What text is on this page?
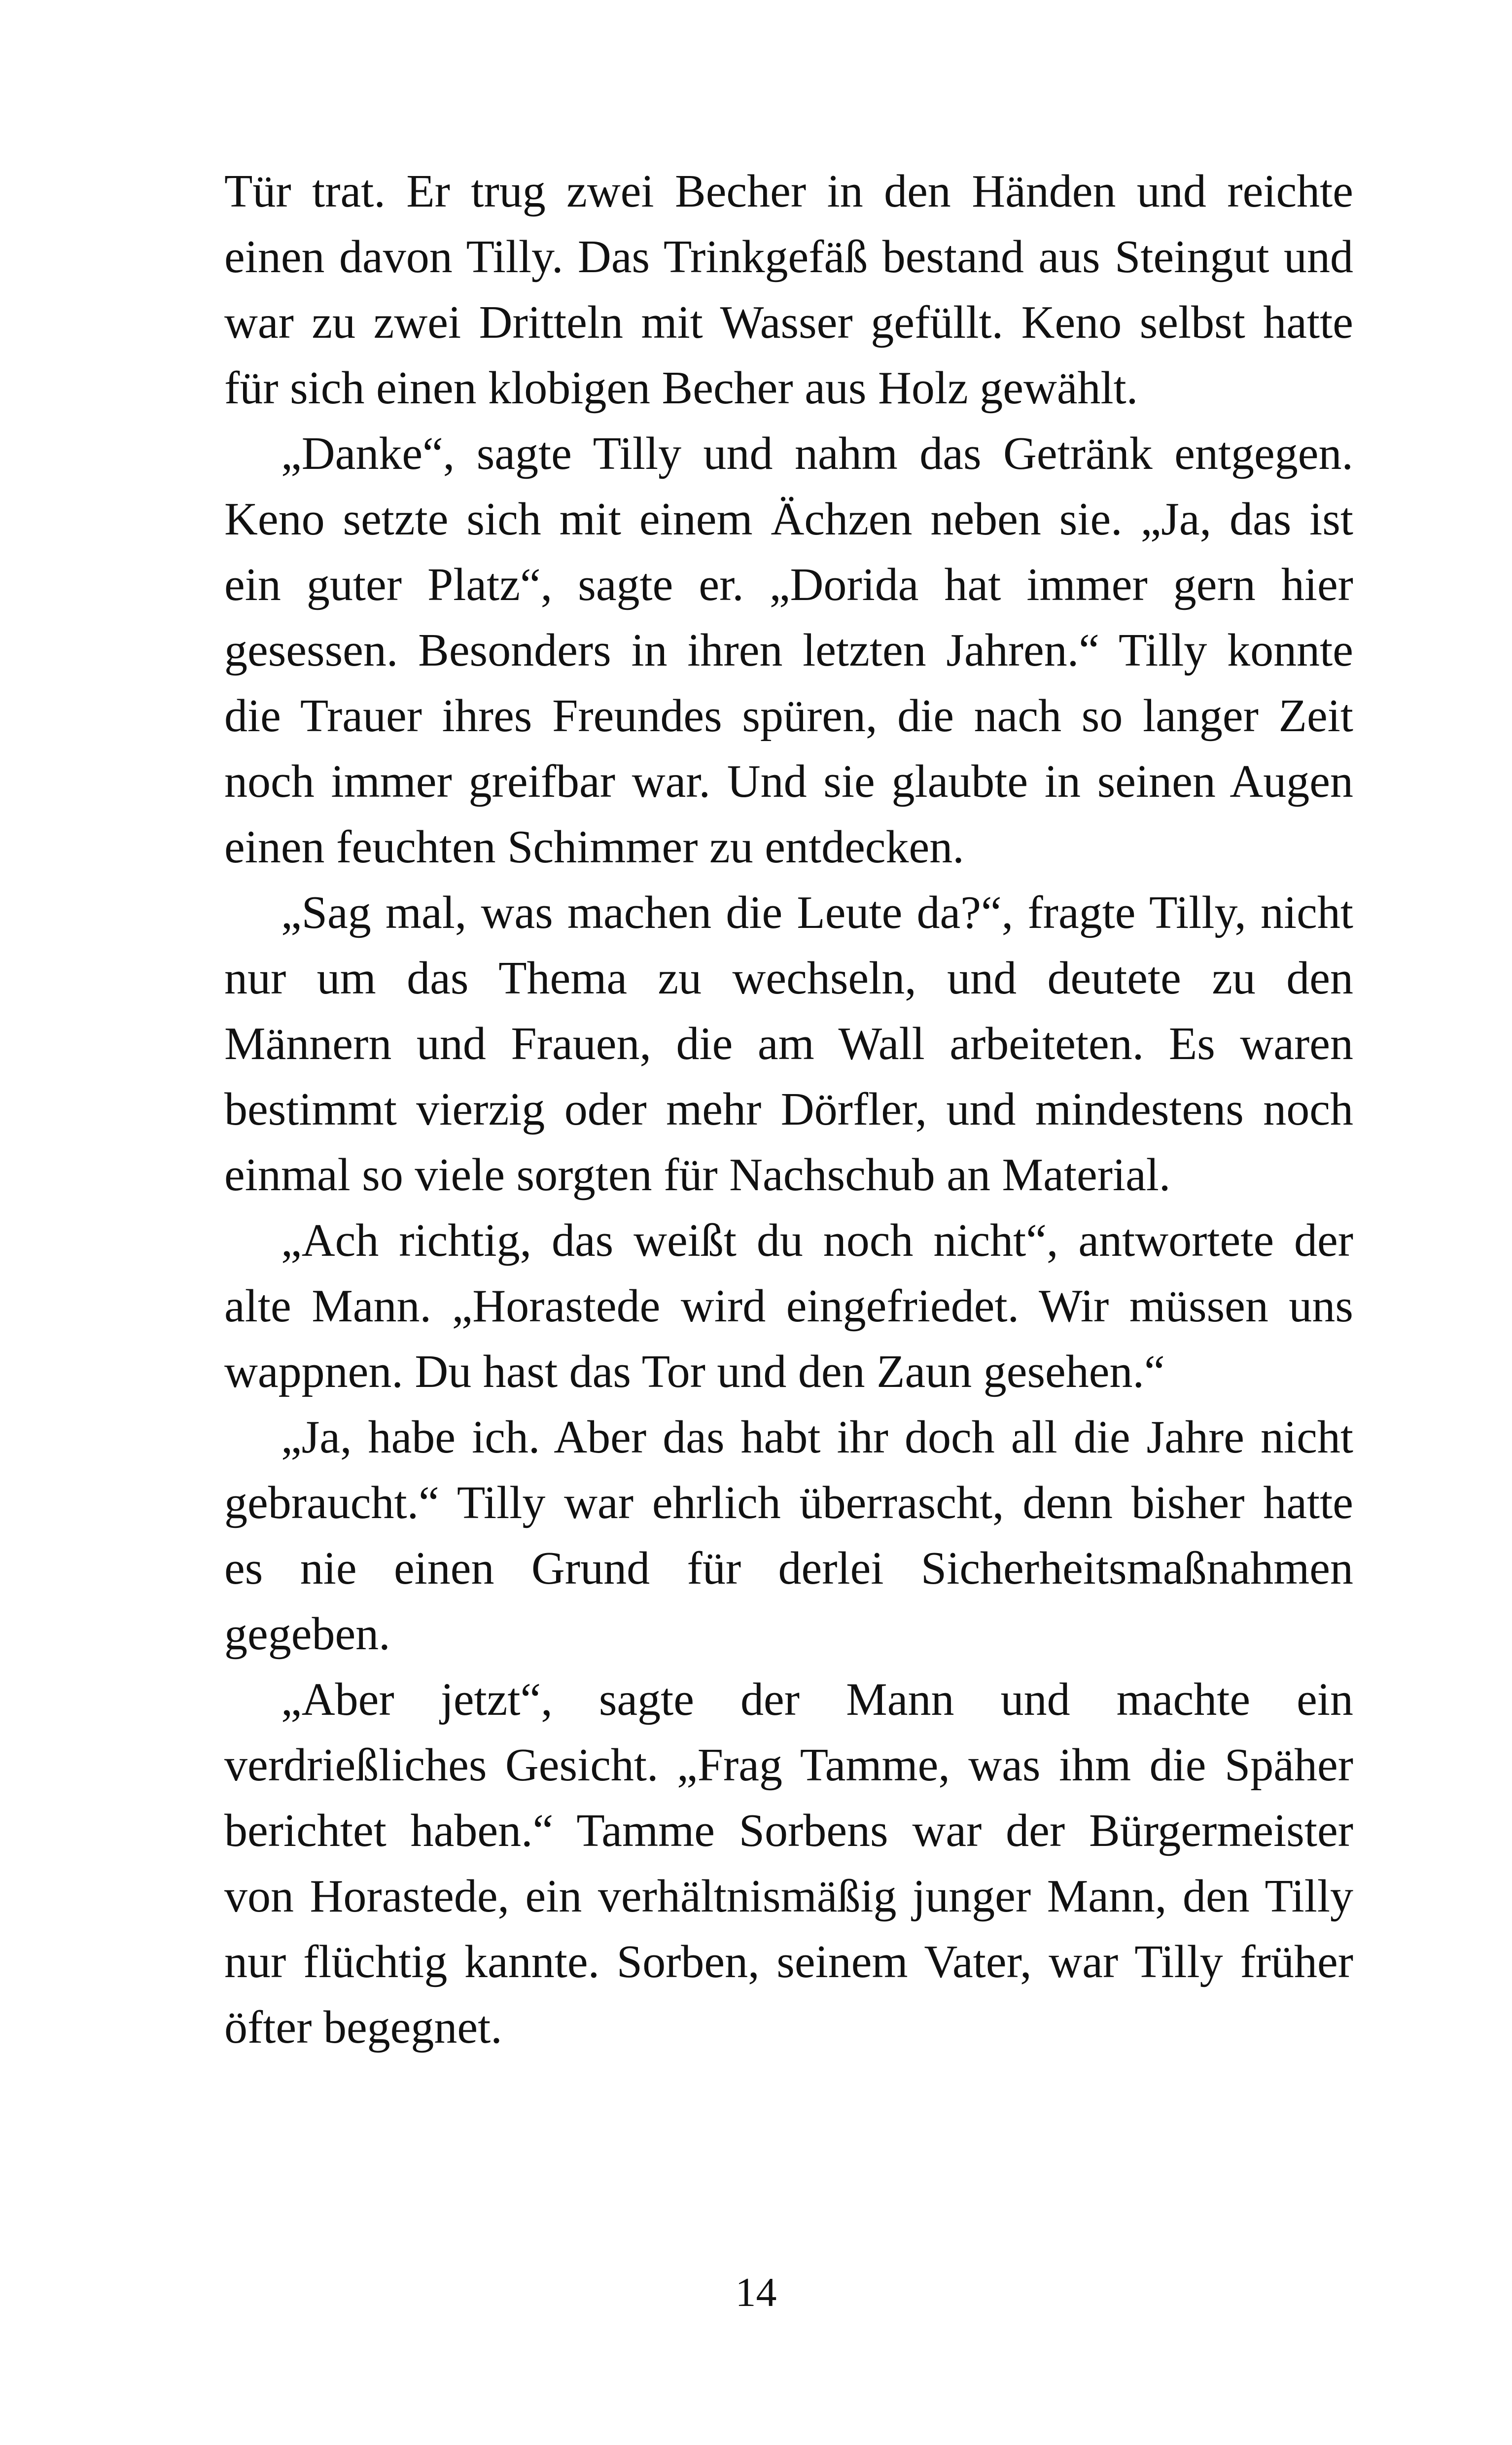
Tür trat. Er trug zwei Becher in den Händen und reichte einen davon Tilly. Das Trinkgefäß bestand aus Steingut und war zu zwei Dritteln mit Wasser gefüllt. Keno selbst hatte für sich einen klobigen Becher aus Holz gewählt.

„Danke“, sagte Tilly und nahm das Getränk entgegen. Keno setzte sich mit einem Ächzen neben sie. „Ja, das ist ein guter Platz“, sagte er. „Dorida hat immer gern hier gesessen. Besonders in ihren letzten Jahren.“ Tilly konnte die Trauer ihres Freundes spüren, die nach so langer Zeit noch immer greifbar war. Und sie glaubte in seinen Augen einen feuchten Schimmer zu entdecken.

„Sag mal, was machen die Leute da?“, fragte Tilly, nicht nur um das Thema zu wechseln, und deutete zu den Männern und Frauen, die am Wall arbeiteten. Es waren bestimmt vierzig oder mehr Dörfler, und mindestens noch einmal so viele sorgten für Nachschub an Material.

„Ach richtig, das weißt du noch nicht“, antwortete der alte Mann. „Horastede wird eingefriedet. Wir müssen uns wappnen. Du hast das Tor und den Zaun gesehen.“

„Ja, habe ich. Aber das habt ihr doch all die Jahre nicht gebraucht.“ Tilly war ehrlich überrascht, denn bisher hatte es nie einen Grund für derlei Sicherheitsmaßnahmen gegeben.

„Aber jetzt“, sagte der Mann und machte ein verdrießliches Gesicht. „Frag Tamme, was ihm die Späher berichtet haben.“ Tamme Sorbens war der Bürgermeister von Horastede, ein verhältnismäßig junger Mann, den Tilly nur flüchtig kannte. Sorben, seinem Vater, war Tilly früher öfter begegnet.

14
